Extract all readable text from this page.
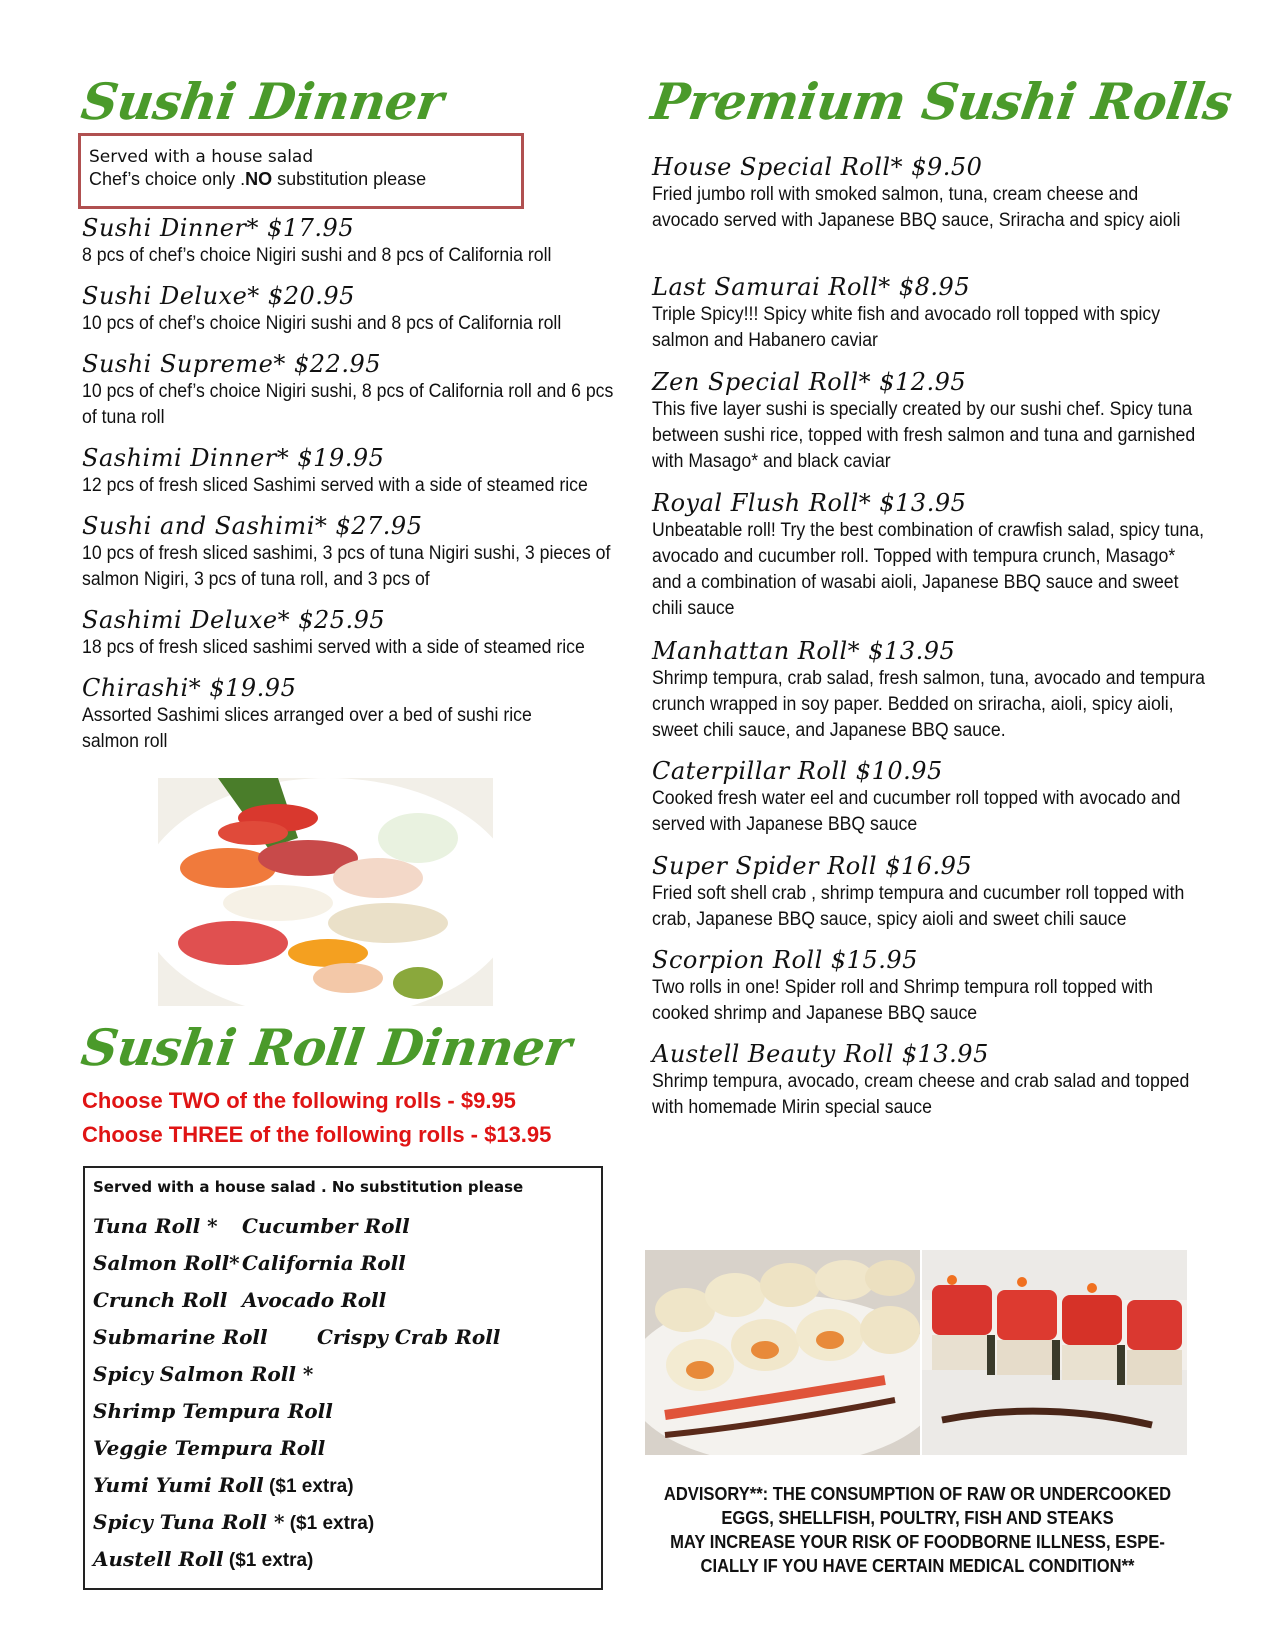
Sushi Dinner
Served with a house salad
Chef’s choice only .NO substitution please

Sushi Dinner* $17.95

8 pcs of chef’s choice Nigiri sushi and 8 pcs of California roll

Sushi Deluxe* $20.95

10 pcs of chef’s choice Nigiri sushi and 8 pcs of California roll

Sushi Supreme* $22.95

10 pcs of chef’s choice Nigiri sushi, 8 pcs of California roll and 6 pcs of tuna roll

Sashimi Dinner* $19.95

12 pcs of fresh sliced Sashimi served with a side of steamed rice

Sushi and Sashimi* $27.95

10 pcs of fresh sliced sashimi, 3 pcs of tuna Nigiri sushi, 3 pieces of salmon Nigiri, 3 pcs of tuna roll, and 3 pcs of

Sashimi Deluxe* $25.95

18 pcs of fresh sliced sashimi served with a side of steamed rice

Chirashi* $19.95

Assorted Sashimi slices arranged over a bed of sushi rice salmon roll

Sushi Roll Dinner
Choose TWO of the following rolls - $9.95
Choose THREE of the following rolls - $13.95
Served with a house salad . No substitution please
Tuna Roll * Cucumber Roll
Salmon Roll* California Roll
Crunch Roll Avocado Roll
Submarine Roll Crispy Crab Roll
Spicy Salmon Roll *
Shrimp Tempura Roll
Veggie Tempura Roll
Yumi Yumi Roll ($1 extra)
Spicy Tuna Roll * ($1 extra)
Austell Roll ($1 extra)
Premium Sushi Rolls

House Special Roll* $9.50

Fried jumbo roll with smoked salmon, tuna, cream cheese and avocado served with Japanese BBQ sauce, Sriracha and spicy aioli

Last Samurai Roll* $8.95

Triple Spicy!!! Spicy white fish and avocado roll topped with spicy salmon and Habanero caviar

Zen Special Roll* $12.95

This five layer sushi is specially created by our sushi chef. Spicy tuna between sushi rice, topped with fresh salmon and tuna and garnished with Masago* and black caviar

Royal Flush Roll* $13.95

Unbeatable roll! Try the best combination of crawfish salad, spicy tuna, avocado and cucumber roll. Topped with tempura crunch, Masago* and a combination of wasabi aioli, Japanese BBQ sauce and sweet chili sauce

Manhattan Roll* $13.95

Shrimp tempura, crab salad, fresh salmon, tuna, avocado and tempura crunch wrapped in soy paper. Bedded on sriracha, aioli, spicy aioli, sweet chili sauce, and Japanese BBQ sauce.

Caterpillar Roll $10.95

Cooked fresh water eel and cucumber roll topped with avocado and served with Japanese BBQ sauce

Super Spider Roll $16.95

Fried soft shell crab , shrimp tempura and cucumber roll topped with crab, Japanese BBQ sauce, spicy aioli and sweet chili sauce

Scorpion Roll $15.95

Two rolls in one! Spider roll and Shrimp tempura roll topped with cooked shrimp and Japanese BBQ sauce

Austell Beauty Roll $13.95

Shrimp tempura, avocado, cream cheese and crab salad and topped with homemade Mirin special sauce

ADVISORY**: THE CONSUMPTION OF RAW OR UNDERCOOKED
EGGS, SHELLFISH, POULTRY, FISH AND STEAKS
MAY INCREASE YOUR RISK OF FOODBORNE ILLNESS, ESPE-
CIALLY IF YOU HAVE CERTAIN MEDICAL CONDITION**
